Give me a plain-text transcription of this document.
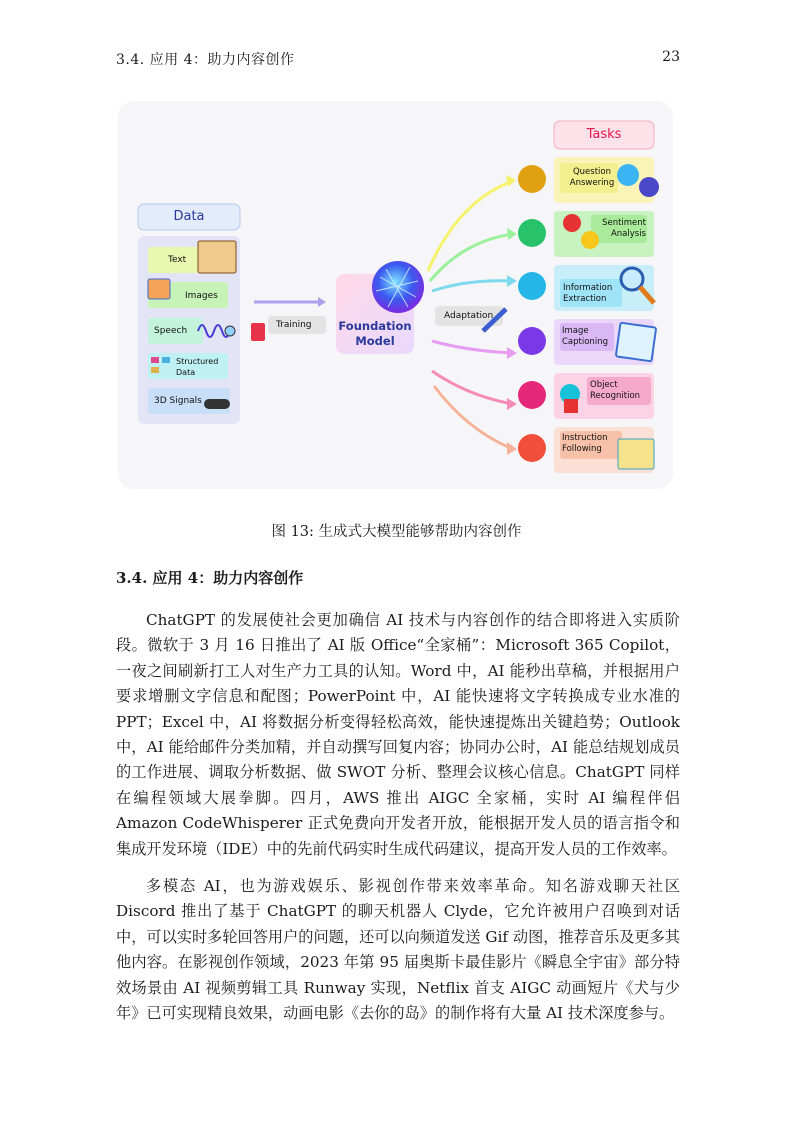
3.4. 应用 4：助力内容创作	23
Data
Text
Images
Speech
Structured Data
3D Signals
Training Foundation Model
Adaptation
Tasks
Question Answering
Sentiment Analysis
Information Extraction
Image Captioning
Object Recognition
Instruction Following
图 13: 生成式大模型能够帮助内容创作
3.4. 应用 4：助力内容创作
ChatGPT 的发展使社会更加确信 AI 技术与内容创作的结合即将进入实质阶段。微软于 3 月 16 日推出了 AI 版 Office“全家桶”：Microsoft 365 Copilot，一夜之间刷新打工人对生产力工具的认知。Word 中，AI 能秒出草稿，并根据用户要求增删文字信息和配图；PowerPoint 中，AI 能快速将文字转换成专业水准的 PPT；Excel 中，AI 将数据分析变得轻松高效，能快速提炼出关键趋势；Outlook 中，AI 能给邮件分类加精，并自动撰写回复内容；协同办公时，AI 能总结规划成员的工作进展、调取分析数据、做 SWOT 分析、整理会议核心信息。ChatGPT 同样在编程领域大展拳脚。四月，AWS 推出 AIGC 全家桶，实时 AI 编程伴侣 Amazon CodeWhisperer 正式免费向开发者开放，能根据开发人员的语言指令和集成开发环境（IDE）中的先前代码实时生成代码建议，提高开发人员的工作效率。
多模态 AI，也为游戏娱乐、影视创作带来效率革命。知名游戏聊天社区 Discord 推出了基于 ChatGPT 的聊天机器人 Clyde，它允许被用户召唤到对话中，可以实时多轮回答用户的问题，还可以向频道发送 Gif 动图，推荐音乐及更多其他内容。在影视创作领域，2023 年第 95 届奥斯卡最佳影片《瞬息全宇宙》部分特效场景由 AI 视频剪辑工具 Runway 实现，Netflix 首支 AIGC 动画短片《犬与少年》已可实现精良效果，动画电影《去你的岛》的制作将有大量 AI 技术深度参与。
